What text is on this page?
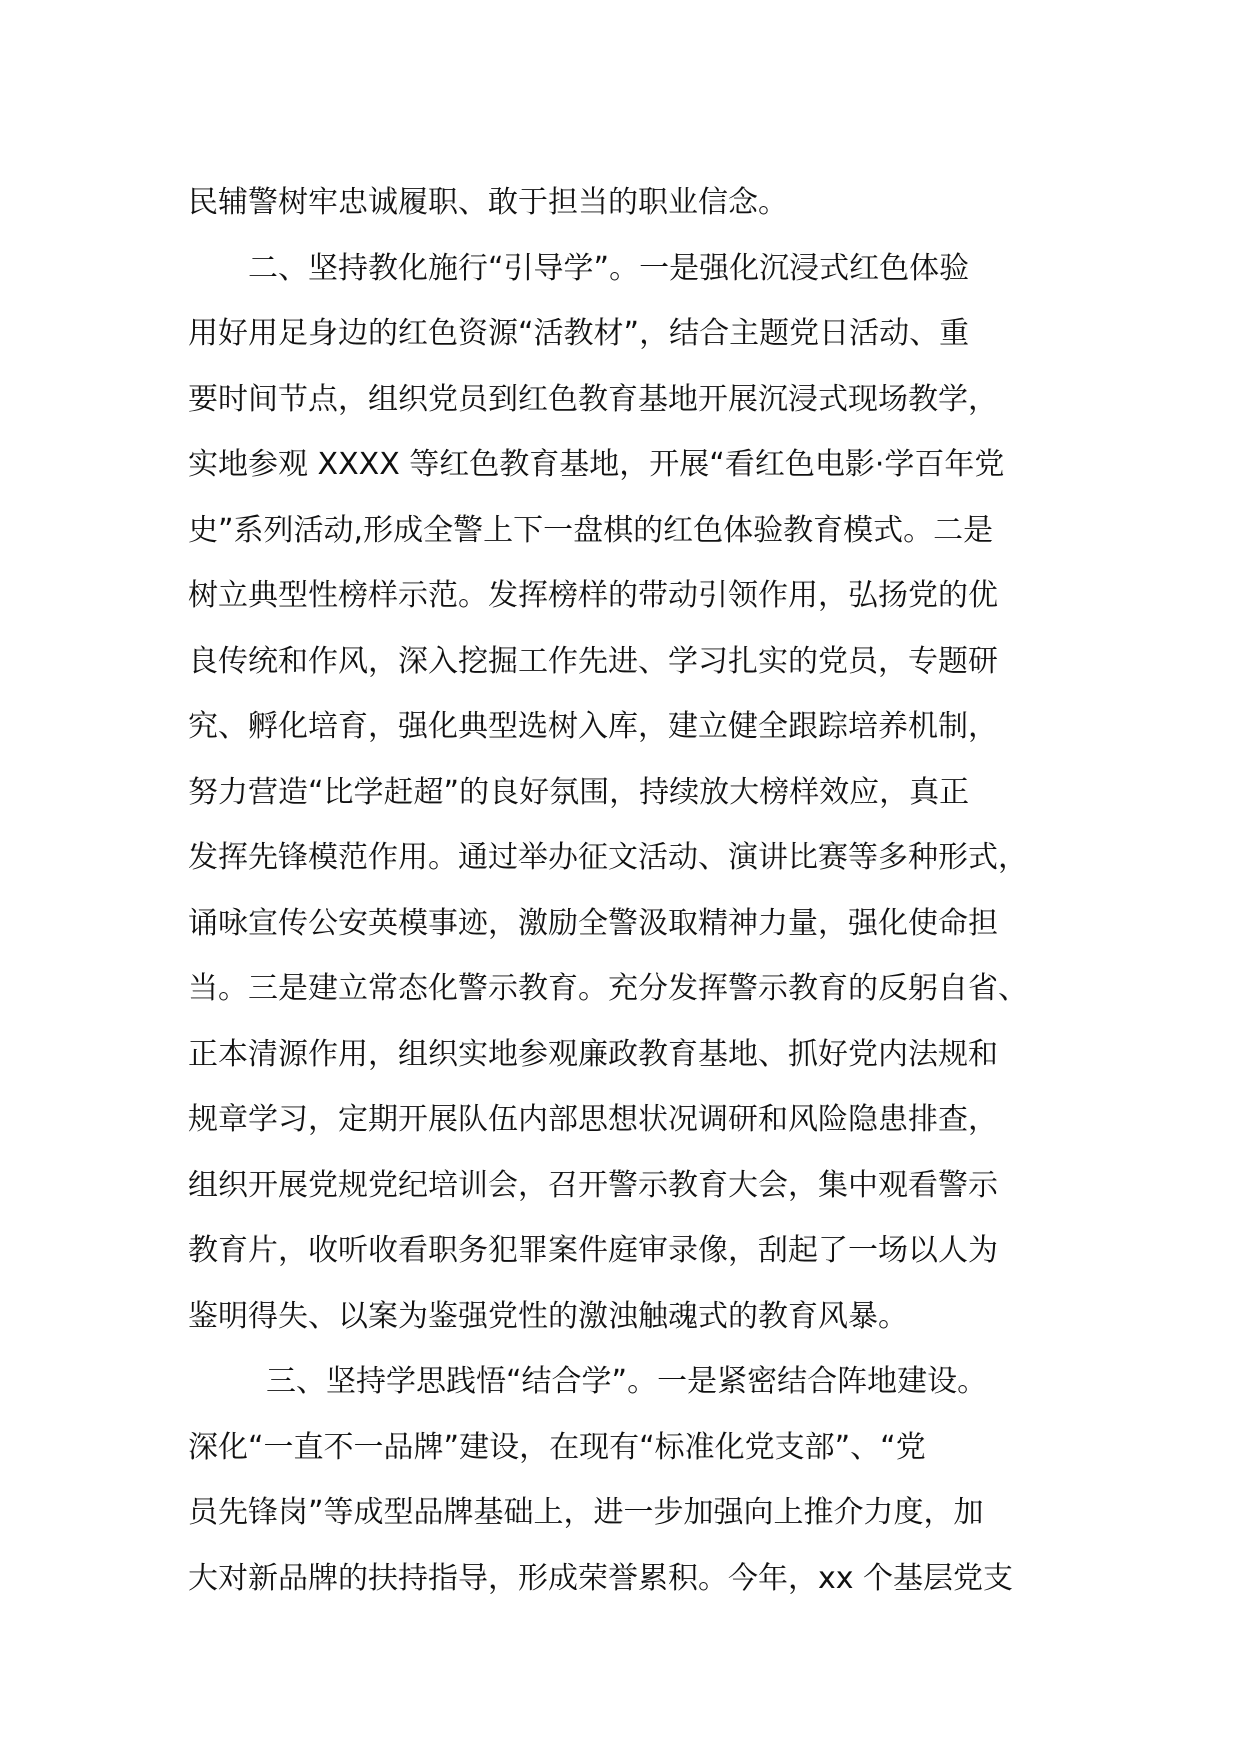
民辅警树牢忠诚履职、敢于担当的职业信念。
二、坚持教化施行“引导学”。一是强化沉浸式红色体验
用好用足身边的红色资源“活教材”，结合主题党日活动、重
要时间节点，组织党员到红色教育基地开展沉浸式现场教学，
实地参观 XXXX 等红色教育基地，开展“看红色电影·学百年党
史”系列活动,形成全警上下一盘棋的红色体验教育模式。二是
树立典型性榜样示范。发挥榜样的带动引领作用，弘扬党的优
良传统和作风，深入挖掘工作先进、学习扎实的党员，专题研
究、孵化培育，强化典型选树入库，建立健全跟踪培养机制，
努力营造“比学赶超”的良好氛围，持续放大榜样效应，真正
发挥先锋模范作用。通过举办征文活动、演讲比赛等多种形式，
诵咏宣传公安英模事迹，激励全警汲取精神力量，强化使命担
当。三是建立常态化警示教育。充分发挥警示教育的反躬自省、
正本清源作用，组织实地参观廉政教育基地、抓好党内法规和
规章学习，定期开展队伍内部思想状况调研和风险隐患排查，
组织开展党规党纪培训会，召开警示教育大会，集中观看警示
教育片，收听收看职务犯罪案件庭审录像，刮起了一场以人为
鉴明得失、以案为鉴强党性的激浊触魂式的教育风暴。
三、坚持学思践悟“结合学”。一是紧密结合阵地建设。
深化“一直不一品牌”建设，在现有“标准化党支部”、“党
员先锋岗”等成型品牌基础上，进一步加强向上推介力度，加
大对新品牌的扶持指导，形成荣誉累积。今年，xx 个基层党支
